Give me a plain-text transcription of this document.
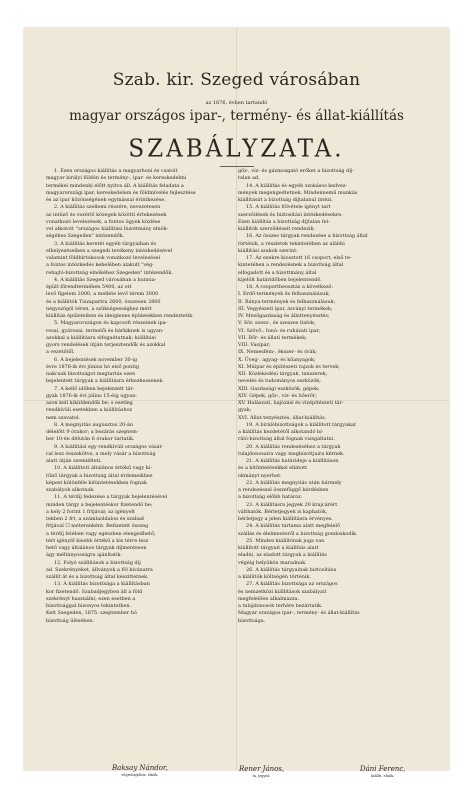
Szab. kir. Szeged városában
az 1876. évben tartandó
magyar országos ipar-, termény- és állat-kiállítás
SZABÁLYZATA.
1. Ezen országos kiállítás a magyarhoni és csatolt
magyar királyi földön és termény-, ipar- és kereskedelmi
termékei mindenki előtt nyitva áll. A kiállítás feladata a
magyarországi ipar, kereskedelem és földmívelés fejlesztése
és az ipar közönségének egymással érintkezése.
2. A kiállítás szellemi részére, nevezetesen
az intéző és vezérlő közegek közötti értekezések
vonatkozó levelezések, a fontos ügyek közlése
vel alkotott "országos kiállítási bizottmány elnök-
ségéhez Szegeden" intézendők.
3. A kiállítás keretét egyéb tárgyaiban és
elhelyezéseiben a szegedi tevékeny intézkedésével
valamint földbirtokosok vonatkozó levelezései
a fontos intézkedés kebelében alakult "vég-
rehajtó-bizottság elnökéhez Szegeden" intézendők.
4. A kiállítás Szeged városában a hunnia-
épült főrendtermében 5400, az ott
levő figelem 2000, a melléte levő térem 3000
és a kiállítók Tiszapartra 2600, összesen 2800
négyszögöl téren, a szükségességhez mért
kiállítás épületeiben és ideiglenes épületekben rendeztetik.
5. Magyarországon és kapcsolt részeinek ipa-
rosai, gyárosai, termelői és bárkiknek is ugyan-
azokkal a kiállításra elfogadtatnak; kiállítási
gyors rendelések útján terjesztendők és azokkal
a vezetőtől.
6. A bejelentések november 30-ig
évre 1876-ik évi június hó első pontig
nakcsak bizottságot megtartás ezen
bejelentett tárgyak a kiállításra érkezhessenek.
7. A kellő időben bejelentett tár-
gyak 1876-ik évi július 15-éig ugyan-
azon kell kiküldendők be; s esetleg
rendkívüli esetekben a kiállításhoz
nem szavatol.
8. A megnyitás augusztus 20-án
délelőtt 9 órakor; a bezárás szeptem-
ber 10-én délután 6 órakor tartatik.
9. A kiállítási egy rendkívüli országos vásár-
ral lesz összekötve, a mely vásár a bizottság
alatt útján szemlélteti.
10. A kiállított általános értékű vagy ki-
tűnő tárgyak a bizottság által érdemeikhez
képest különféle kitüntetésekben fognak
szabályok alkotnak.
11. A térdíj fedezése a tárgyak bejelentésével
minden tárgy a bejelentéskor fizetendő be;
a hely 2 forint 1 frtjával; az igényelt
tekben 2 frt, a számlaoldalon és szabad
frtjával ☐ méterenként. Befizetett összeg
a térdíj felében vagy egészben elengedhető;
tért igénylő kisebb értékű a kis térre lesz
hető vagy általános tárgyak díjmentesen
ágy méltányosságra ajánltatik.
12. Folyó szállítások a bizottság díj
ad. Szekrényeket, állványok a föl kivánatra
szállít át és a bizottság által készíttetnek.
13. A kiállítás bizottsága a kiállításban
kor fizetendő. Szabadjegyben áll a föld
szekrényt használni; ezen esetben a
bizottsággal bizonyos tekintetben.
Kelt Szegeden, 1875. szeptember hó
bizottság ülésében.
gőz-, víz- és gázmozgató erőket a bizottság díj-
talan ad.
14. A kiállítás és egyéb szokásos kedvez-
mények megengedtetnek. Mindennemű munkás
kiállítását a bizottság díjtalanul intézi.
15. A kiállítás fölvétele igényt tart
szerződések és biztosítási intézkedésekre.
Ezen kiállítás a bizottság díjtalan fel-
kiállítók szerződéseit rendezik.
16. Az összes tárgyak rendezése a bizottság által
történik, a részletek tekintetében az alábbi
kiállítási szakok szerint:
17. Az ezekre kiosztott 16 csoport, első te-
kintetében a rendezésnek a bizottság által
elfogadott és a bizottmány által
kijelölt határidőben bejelentendő.
18. A csoportbeosztás a következő:
I. Erdő-termények és felhasználásuk;
II. Bánya-termények és felhasználásuk;
III. Vegyészeti ipar, ásványi termékek;
IV. Mezőgazdaság és állattenyésztés;
V. Sör, szesz-, és szeszes italok;
VI. Szövő-, fonó- és ruházati ipar;
VII. Bőr- és állati termékek;
VIII. Vasipar;
IX. Nemesfém-, ékszer- és órák;
X. Üveg-, agyag- és kőanyagok;
XI. Múipar és építészeti rajzok és tervek;
XII. Közlekedési tárgyak, tanszerek,
nevelés és tudományos eszközök;
XIII. Gazdasági eszközök, gépek;
XIV. Gépek, gőz-, víz- és hőerőr;
XV. Halászati, hajózási és vízépítészeti tár-
gyak;
XVI. Állat-tenyésztés, állat-kiállítás.
19. A bírálóbizottságok a kiállított tárgyakat
a kiállítás kezdetétől alkotandó bí-
ráló-bizottság által fognak vizsgáltatni.
20. A kiállítás rendezéséhez a tárgyak
tulajdonosaira vagy megbízottjaira kérnek.
21. A kiállítás határideje a kiállításon
és a kitűntetésekkel ellátott
okmányt nyerhet.
22. A kiállítás megnyitás után bármely
a rendezéssel összefüggő kérdésben
a bizottság előbb határoz.
23. A kiállításra jegyek 20 krajcárért
válthatók. Bérletjegyek is kaphatók,
bérletjegy a jelen kiállításra érvényes.
24. A kiállítás tartama alatt megfelelő
szállás és élelmezésről a bizottság gondoskodik.
25. Minden kiállítónak joga van
kiállított tárgyait a kiállítás alatt
eladni, az eladott tárgyak a kiállítás
végéig helyükön maradnak.
26. A kiállítás tárgyainak biztosítása
a kiállítók költségén történik.
27. A kiállítás bizottsága az országos
és nemzetközi kiállítások szabályait
megfelelően alkalmazza.
a tulajdonosok terhére bezártatik.
Magyar országos ipar-, termény- és állat-kiállítás
bizottsága.
Baksay Nándor,
végrehajtóbiz. elnök.
Rener János,
m. jegyző.
Dáni Ferenc,
kiállít. elnök.
